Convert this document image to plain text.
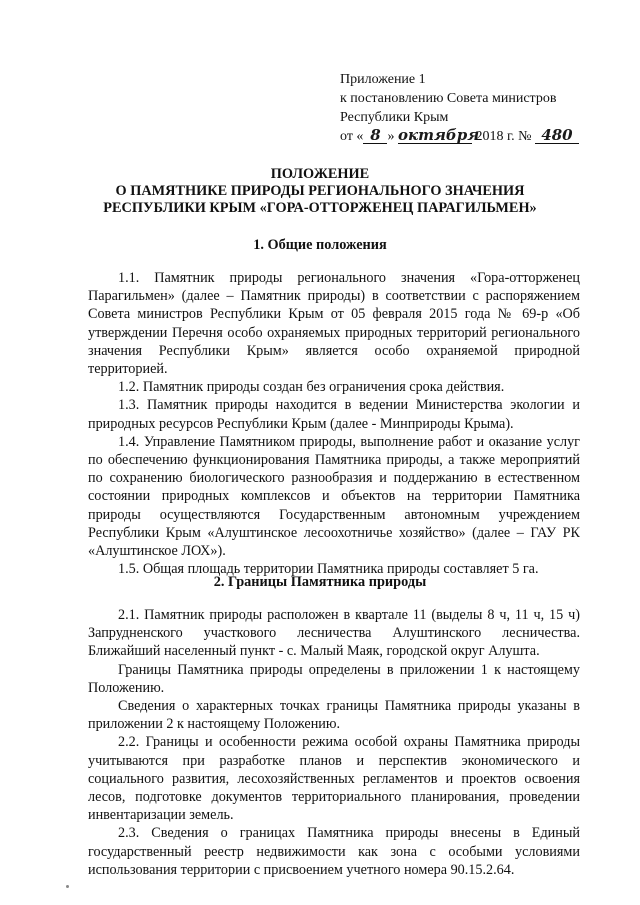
Приложение 1
к постановлению Совета министров
Республики Крым
от « 8 » октября 2018 г. № 480
ПОЛОЖЕНИЕ
О ПАМЯТНИКЕ ПРИРОДЫ РЕГИОНАЛЬНОГО ЗНАЧЕНИЯ
РЕСПУБЛИКИ КРЫМ «ГОРА-ОТТОРЖЕНЕЦ ПАРАГИЛЬМЕН»
1. Общие положения

1.1. Памятник природы регионального значения «Гора-отторженец Парагильмен» (далее – Памятник природы) в соответствии с распоряжением Совета министров Республики Крым от 05 февраля 2015 года № 69-р «Об утверждении Перечня особо охраняемых природных территорий регионального значения Республики Крым» является особо охраняемой природной территорией.

1.2. Памятник природы создан без ограничения срока действия.

1.3. Памятник природы находится в ведении Министерства экологии и природных ресурсов Республики Крым (далее - Минприроды Крыма).

1.4. Управление Памятником природы, выполнение работ и оказание услуг по обеспечению функционирования Памятника природы, а также мероприятий по сохранению биологического разнообразия и поддержанию в естественном состоянии природных комплексов и объектов на территории Памятника природы осуществляются Государственным автономным учреждением Республики Крым «Алуштинское лесоохотничье хозяйство» (далее – ГАУ РК «Алуштинское ЛОХ»).

1.5. Общая площадь территории Памятника природы составляет 5 га.

2. Границы Памятника природы

2.1. Памятник природы расположен в квартале 11 (выделы 8 ч, 11 ч, 15 ч) Запрудненского участкового лесничества Алуштинского лесничества. Ближайший населенный пункт - с. Малый Маяк, городской округ Алушта.

Границы Памятника природы определены в приложении 1 к настоящему Положению.

Сведения о характерных точках границы Памятника природы указаны в приложении 2 к настоящему Положению.

2.2. Границы и особенности режима особой охраны Памятника природы учитываются при разработке планов и перспектив экономического и социального развития, лесохозяйственных регламентов и проектов освоения лесов, подготовке документов территориального планирования, проведении инвентаризации земель.

2.3. Сведения о границах Памятника природы внесены в Единый государственный реестр недвижимости как зона с особыми условиями использования территории с присвоением учетного номера 90.15.2.64.
